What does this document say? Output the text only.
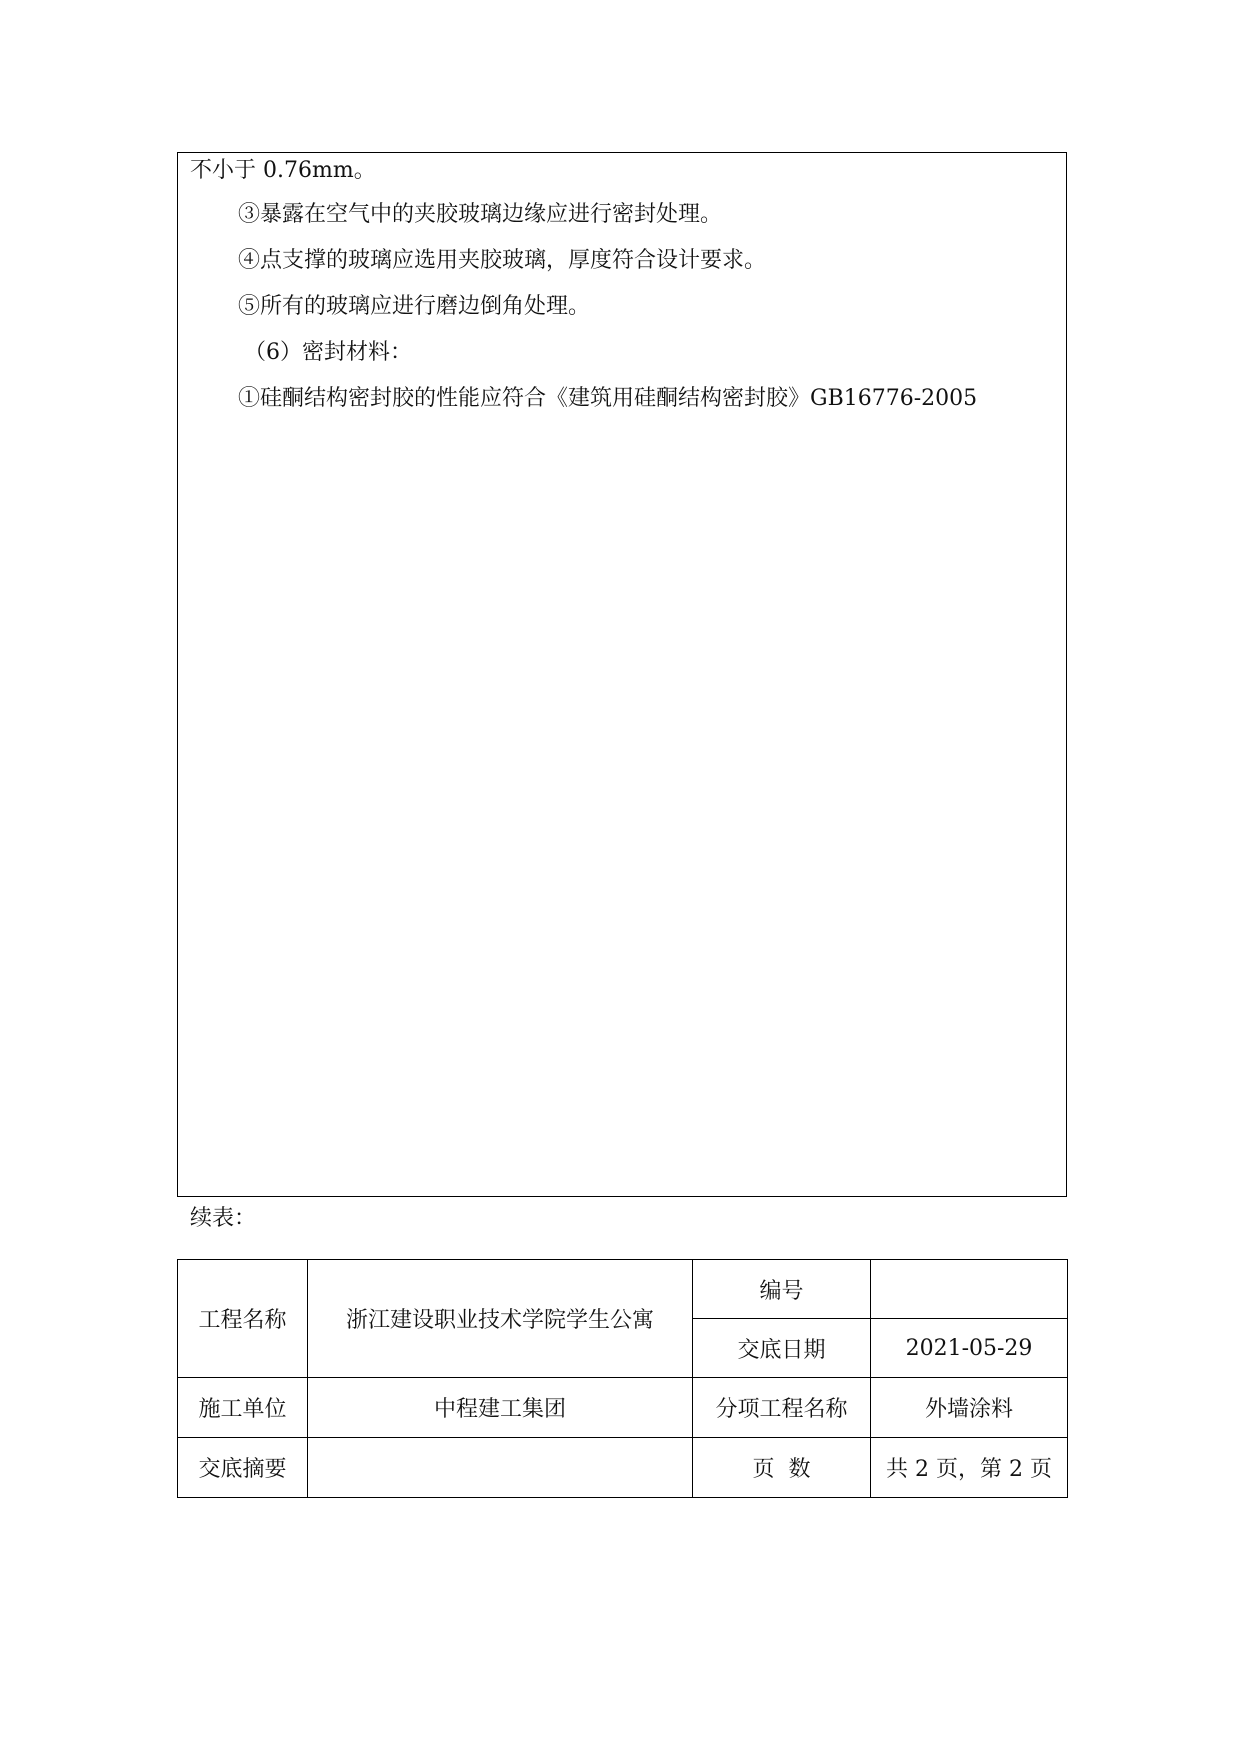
不小于 0.76mm。
③暴露在空气中的夹胶玻璃边缘应进行密封处理。
④点支撑的玻璃应选用夹胶玻璃，厚度符合设计要求。
⑤所有的玻璃应进行磨边倒角处理。
（6）密封材料：
①硅酮结构密封胶的性能应符合《建筑用硅酮结构密封胶》GB16776-2005
续表：
工程名称	浙江建设职业技术学院学生公寓	编号	
		交底日期	2021-05-29
施工单位	中程建工集团	分项工程名称	外墙涂料
交底摘要		页  数	共 2 页，第 2 页
